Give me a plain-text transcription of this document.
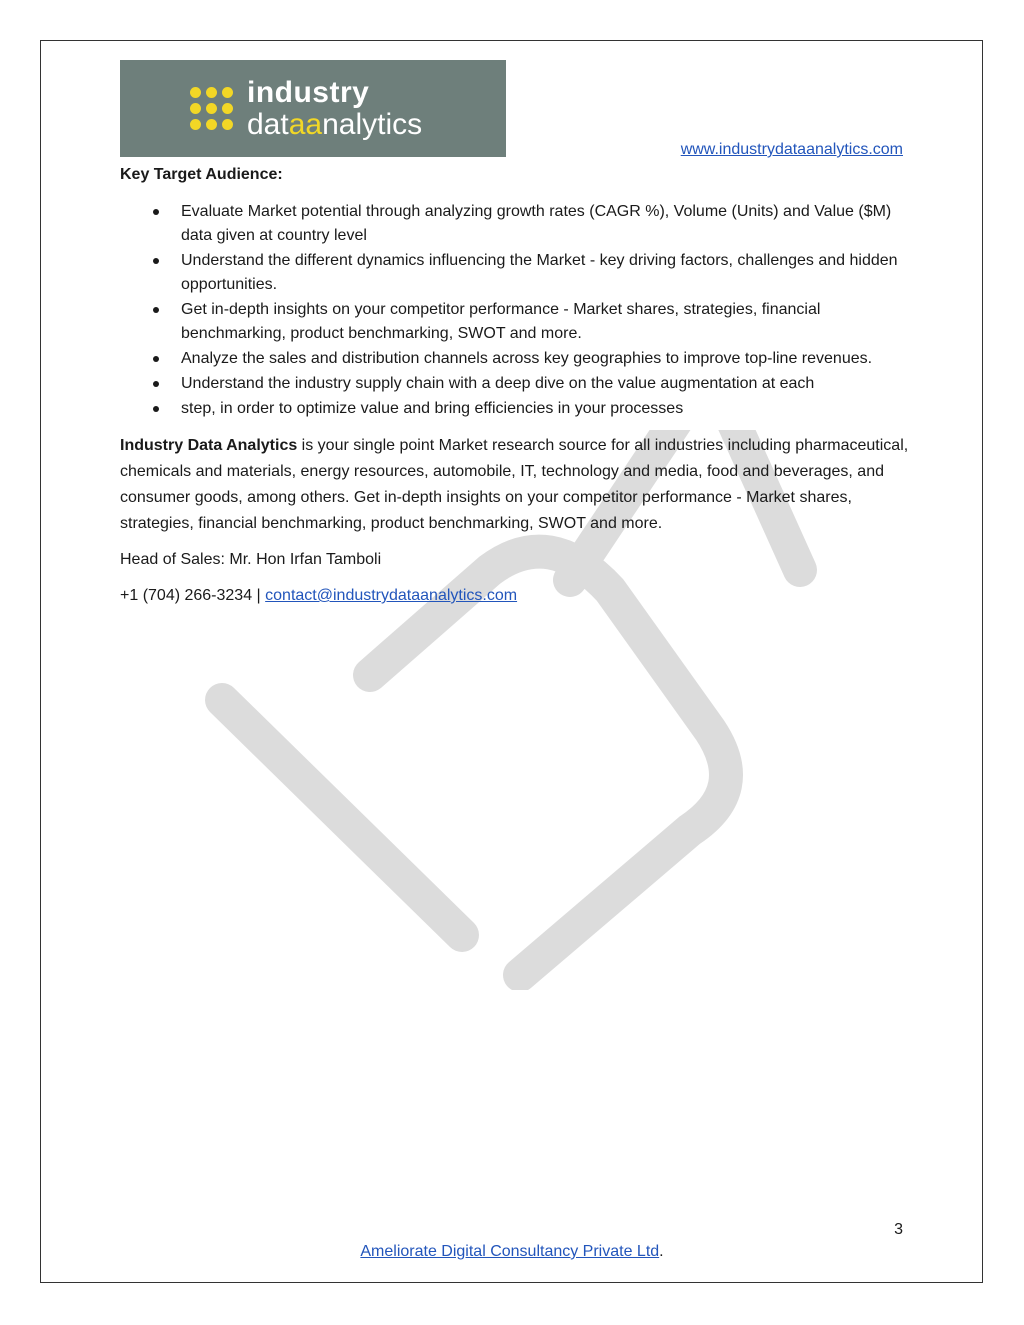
industry
dataanalytics
www.industrydataanalytics.com
Key Target Audience:
Evaluate Market potential through analyzing growth rates (CAGR %), Volume (Units) and Value ($M) data given at country level
Understand the different dynamics influencing the Market - key driving factors, challenges and hidden opportunities.
Get in-depth insights on your competitor performance - Market shares, strategies, financial benchmarking, product benchmarking, SWOT and more.
Analyze the sales and distribution channels across key geographies to improve top-line revenues.
Understand the industry supply chain with a deep dive on the value augmentation at each
step, in order to optimize value and bring efficiencies in your processes

Industry Data Analytics is your single point Market research source for all industries including pharmaceutical, chemicals and materials, energy resources, automobile, IT, technology and media, food and beverages, and consumer goods, among others. Get in-depth insights on your competitor performance - Market shares, strategies, financial benchmarking, product benchmarking, SWOT and more.

Head of Sales: Mr. Hon Irfan Tamboli

+1 (704) 266-3234 | contact@industrydataanalytics.com

3
Ameliorate Digital Consultancy Private Ltd.
